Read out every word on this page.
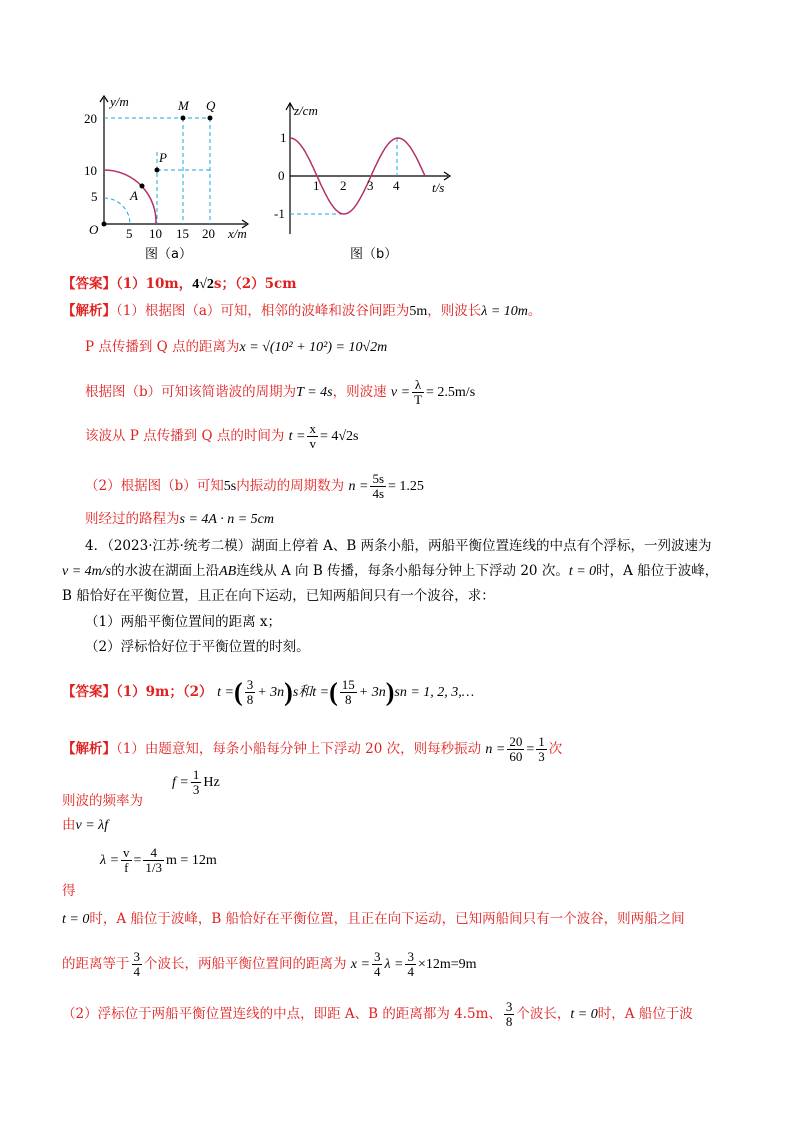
y/m	M Q
P
A
20
10
5
O 5 10 15 20 x/m
图（a）
z/cm
1
0
-1
1 2 3 4	t/s
图（b）
【答案】（1）10m，4√2s；（2）5cm
【解析】（1）根据图（a）可知，相邻的波峰和波谷间距为5m，则波长λ = 10m。
P 点传播到 Q 点的距离为x = √(10² + 10²) = 10√2m
根据图（b）可知该简谐波的周期为T = 4s，则波速 $v = \frac{\lambda}{T} = 2.5m/s$
该波从 P 点传播到 Q 点的时间为 $t = \frac{x}{v} = 4√2s$
（2）根据图（b）可知5s内振动的周期数为 $n = \frac{5s}{4s} = 1.25$
则经过的路程为s = 4A · n = 5cm
4．（2023·江苏·统考二模）湖面上停着 A、B 两条小船，两船平衡位置连线的中点有个浮标，一列波速为
v = 4m/s的水波在湖面上沿AB连线从 A 向 B 传播，每条小船每分钟上下浮动 20 次。t = 0时，A 船位于波峰，
B 船恰好在平衡位置，且正在向下运动，已知两船间只有一个波谷，求：
（1）两船平衡位置间的距离 x；
（2）浮标恰好位于平衡位置的时刻。
【答案】（1）9m；（2） t =( $\frac{3}{8} + 3n)s$和t =( $\frac{15}{8} + 3n)sn = 1$, 2, 3,…
【解析】（1）由题意知，每条小船每分钟上下浮动 20 次，则每秒振动 $n = \frac{20}{60} = \frac{1}{3}$ 次
$f = \frac{1}{3}$ Hz
则波的频率为
由v = λf
$\lambda = \frac{v}{f} = \frac{4}{1/3}$ m = 12m
得
t = 0时，A 船位于波峰，B 船恰好在平衡位置，且正在向下运动，已知两船间只有一个波谷，则两船之间
的距离等于 $\frac{3}{4}$ 个波长，两船平衡位置间的距离为 $x = \frac{3}{4}$ $\lambda = \frac{3}{4} \times 12m=9m$
（2）浮标位于两船平衡位置连线的中点，即距 A、B 的距离都为 4.5m、 $\frac{3}{8}$ 个波长，t = 0时，A 船位于波
